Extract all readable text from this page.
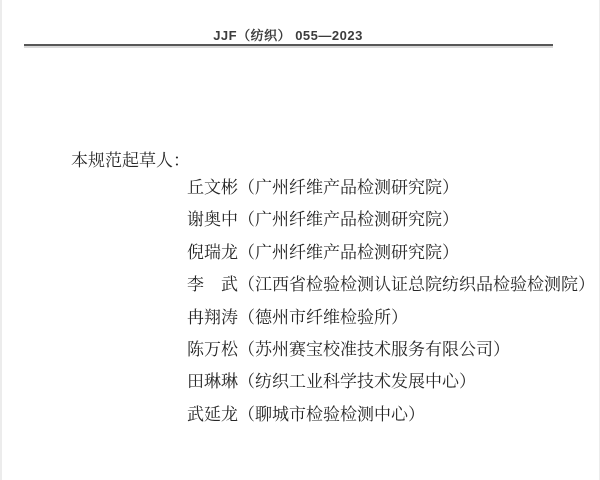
JJF（纺织） 055—2023
本规范起草人：
丘文彬（广州纤维产品检测研究院）
谢奥中（广州纤维产品检测研究院）
倪瑞龙（广州纤维产品检测研究院）
李　武（江西省检验检测认证总院纺织品检验检测院）
冉翔涛（德州市纤维检验所）
陈万松（苏州赛宝校准技术服务有限公司）
田琳琳（纺织工业科学技术发展中心）
武延龙（聊城市检验检测中心）
